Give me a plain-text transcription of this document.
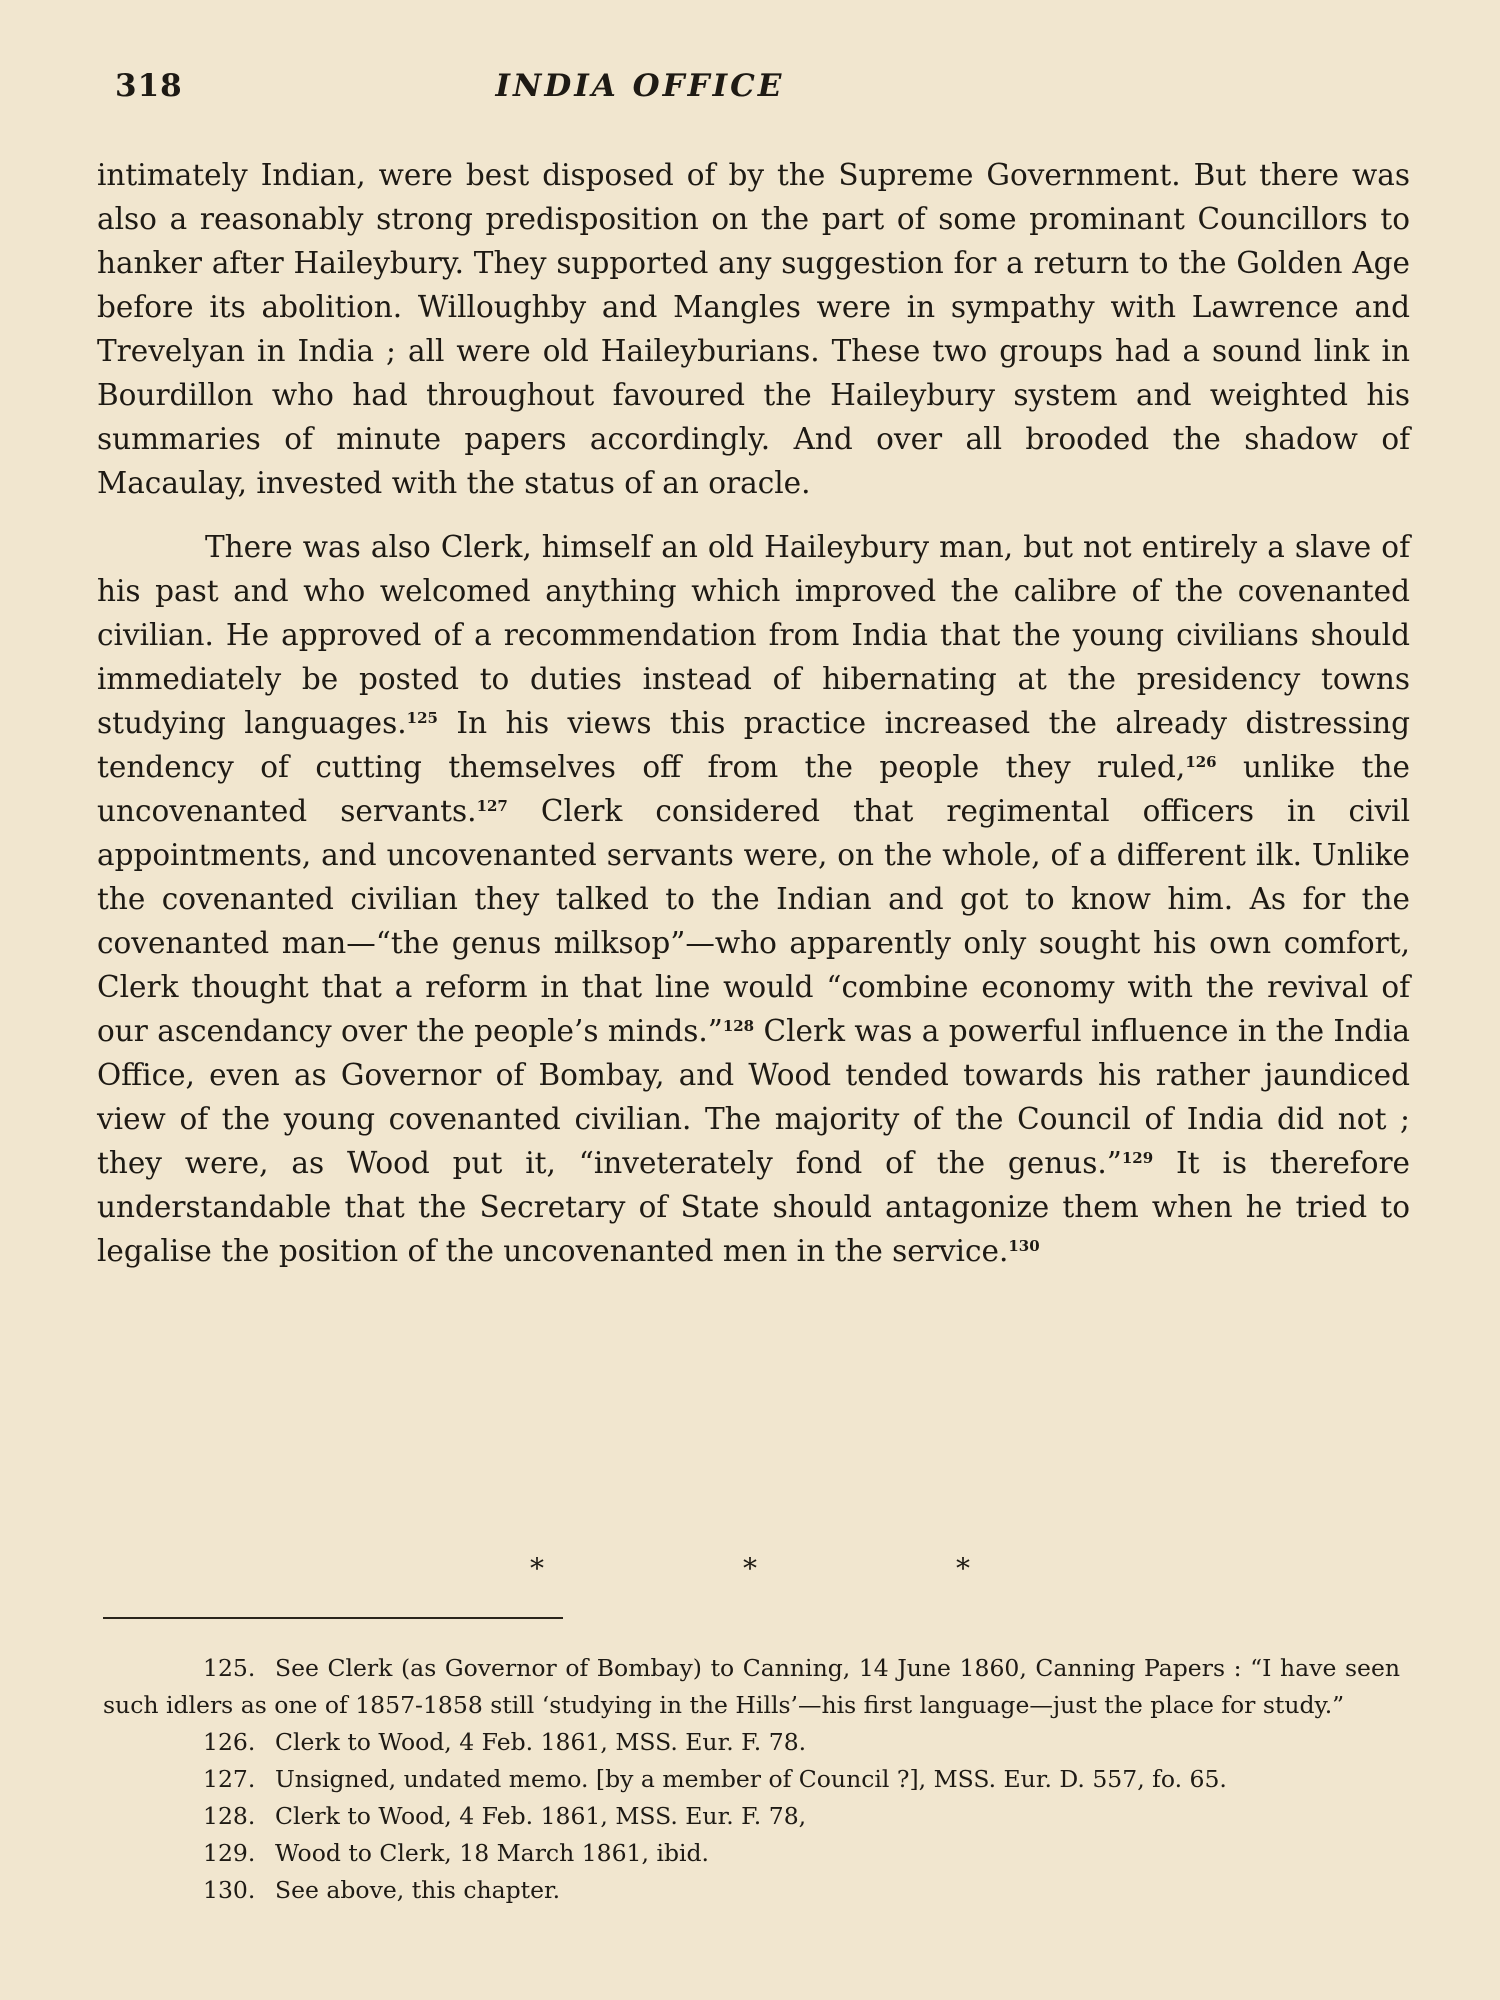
318	INDIA OFFICE

intimately Indian, were best disposed of by the Supreme Government. But there was also a reasonably strong predisposition on the part of some prominant Councillors to hanker after Haileybury. They supported any suggestion for a return to the Golden Age before its abolition. Willoughby and Mangles were in sympathy with Lawrence and Trevelyan in India ; all were old Haileyburians. These two groups had a sound link in Bourdillon who had throughout favoured the Haileybury system and weighted his summaries of minute papers accordingly. And over all brooded the shadow of Macaulay, invested with the status of an oracle.

There was also Clerk, himself an old Haileybury man, but not entirely a slave of his past and who welcomed anything which improved the calibre of the covenanted civilian. He approved of a recommendation from India that the young civilians should immediately be posted to duties instead of hibernating at the presidency towns studying languages.$^{125}$ In his views this practice increased the already distressing tendency of cutting themselves off from the people they ruled,$^{126}$ unlike the uncovenanted servants.$^{127}$ Clerk considered that regimental officers in civil appointments, and uncovenanted servants were, on the whole, of a different ilk. Unlike the covenanted civilian they talked to the Indian and got to know him. As for the covenanted man—“the genus milksop”—who apparently only sought his own comfort, Clerk thought that a reform in that line would “combine economy with the revival of our ascendancy over the people’s minds.”$^{128}$ Clerk was a powerful influence in the India Office, even as Governor of Bombay, and Wood tended towards his rather jaundiced view of the young covenanted civilian. The majority of the Council of India did not ; they were, as Wood put it, “inveterately fond of the genus.”$^{129}$ It is therefore understandable that the Secretary of State should antagonize them when he tried to legalise the position of the uncovenanted men in the service.$^{130}$

*	*	*

125. See Clerk (as Governor of Bombay) to Canning, 14 June 1860, Canning Papers : “I have seen such idlers as one of 1857-1858 still ‘studying in the Hills’—his first language—just the place for study.”

126. Clerk to Wood, 4 Feb. 1861, MSS. Eur. F. 78.

127. Unsigned, undated memo. [by a member of Council ?], MSS. Eur. D. 557, fo. 65.

128. Clerk to Wood, 4 Feb. 1861, MSS. Eur. F. 78,

129. Wood to Clerk, 18 March 1861, ibid.

130. See above, this chapter.
